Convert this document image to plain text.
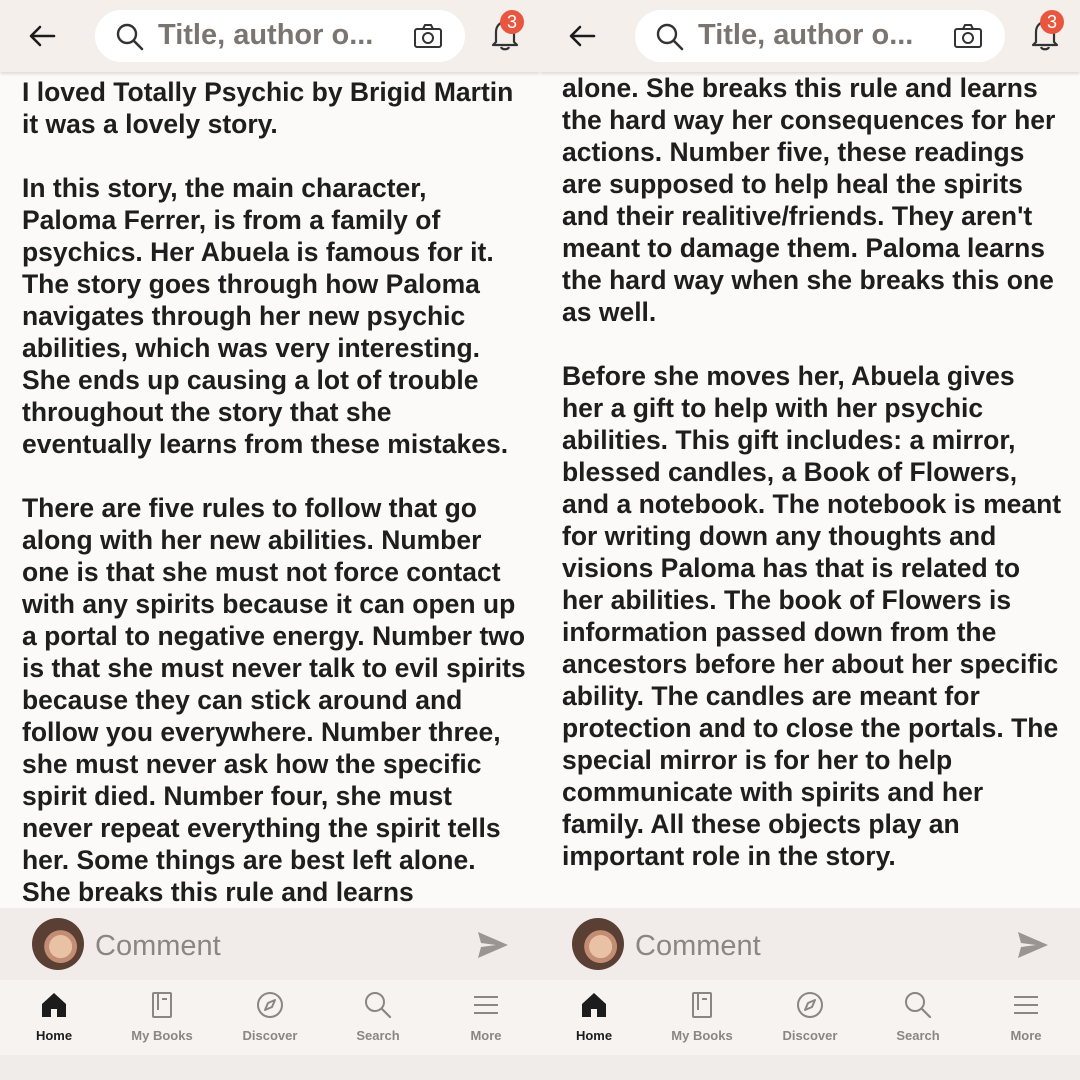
Title, author o...	3

I loved Totally Psychic by Brigid Martin it was a lovely story.

In this story, the main character, Paloma Ferrer, is from a family of psychics. Her Abuela is famous for it. The story goes through how Paloma navigates through her new psychic abilities, which was very interesting. She ends up causing a lot of trouble throughout the story that she eventually learns from these mistakes.

There are five rules to follow that go along with her new abilities. Number one is that she must not force contact with any spirits because it can open up a portal to negative energy. Number two is that she must never talk to evil spirits because they can stick around and follow you everywhere. Number three, she must never ask how the specific spirit died. Number four, she must never repeat everything the spirit tells her. Some things are best left alone. She breaks this rule and learns

Comment
Home	My Books	Discover	Search	More
Title, author o...	3

alone. She breaks this rule and learns the hard way her consequences for her actions. Number five, these readings are supposed to help heal the spirits and their realitive/friends. They aren't meant to damage them. Paloma learns the hard way when she breaks this one as well.

Before she moves her, Abuela gives her a gift to help with her psychic abilities. This gift includes: a mirror, blessed candles, a Book of Flowers, and a notebook. The notebook is meant for writing down any thoughts and visions Paloma has that is related to her abilities. The book of Flowers is information passed down from the ancestors before her about her specific ability. The candles are meant for protection and to close the portals. The special mirror is for her to help communicate with spirits and her family. All these objects play an important role in the story.

Comment
Home	My Books	Discover	Search	More
